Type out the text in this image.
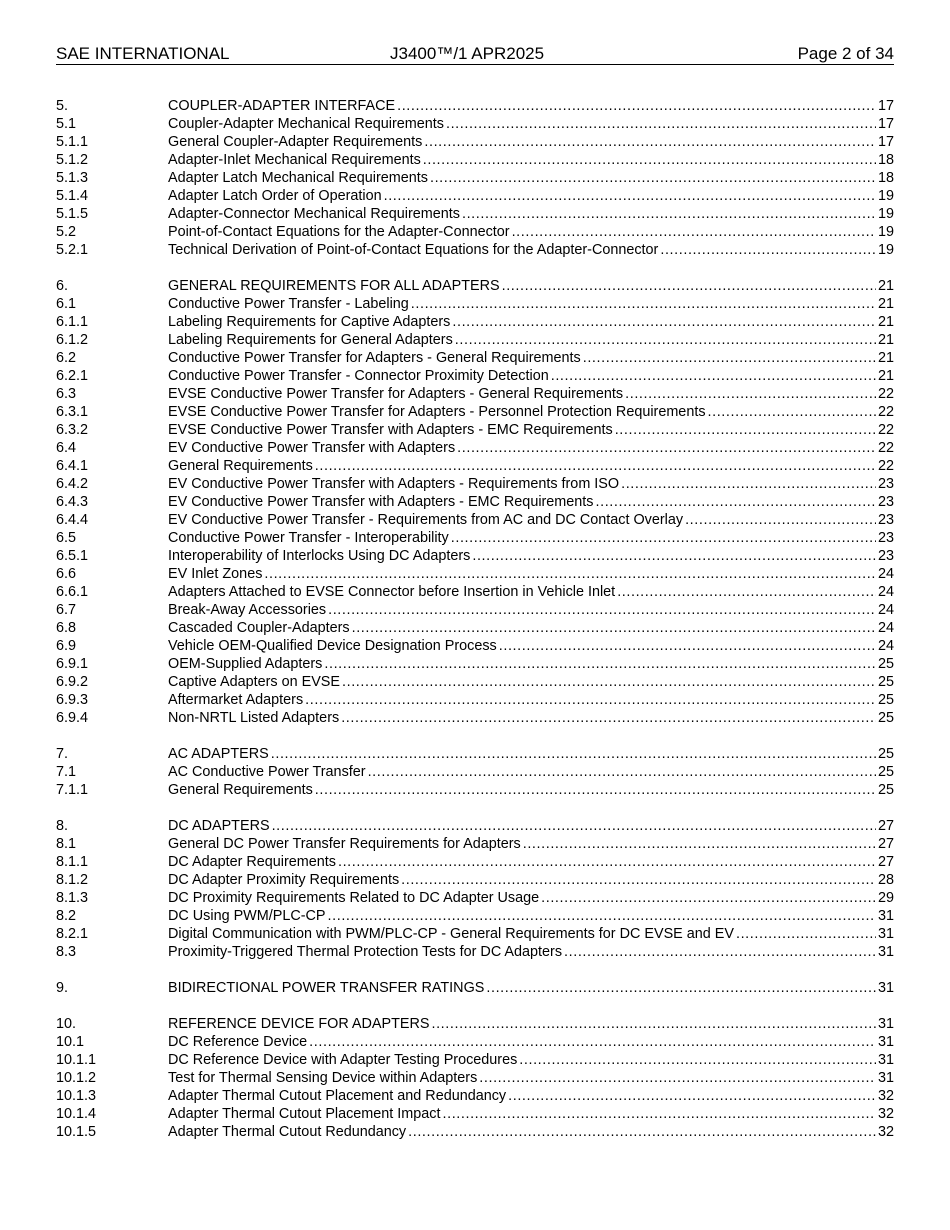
SAE INTERNATIONAL	J3400™/1 APR2025	Page 2 of 34
5.	COUPLER-ADAPTER INTERFACE .....	17
5.1	Coupler-Adapter Mechanical Requirements .....	17
5.1.1	General Coupler-Adapter Requirements .....	17
5.1.2	Adapter-Inlet Mechanical Requirements .....	18
5.1.3	Adapter Latch Mechanical Requirements .....	18
5.1.4	Adapter Latch Order of Operation .....	19
5.1.5	Adapter-Connector Mechanical Requirements .....	19
5.2	Point-of-Contact Equations for the Adapter-Connector .....	19
5.2.1	Technical Derivation of Point-of-Contact Equations for the Adapter-Connector .....	19
6.	GENERAL REQUIREMENTS FOR ALL ADAPTERS .....	21
6.1	Conductive Power Transfer - Labeling .....	21
6.1.1	Labeling Requirements for Captive Adapters .....	21
6.1.2	Labeling Requirements for General Adapters .....	21
6.2	Conductive Power Transfer for Adapters - General Requirements .....	21
6.2.1	Conductive Power Transfer - Connector Proximity Detection .....	21
6.3	EVSE Conductive Power Transfer for Adapters - General Requirements .....	22
6.3.1	EVSE Conductive Power Transfer for Adapters - Personnel Protection Requirements .....	22
6.3.2	EVSE Conductive Power Transfer with Adapters - EMC Requirements .....	22
6.4	EV Conductive Power Transfer with Adapters .....	22
6.4.1	General Requirements .....	22
6.4.2	EV Conductive Power Transfer with Adapters - Requirements from ISO .....	23
6.4.3	EV Conductive Power Transfer with Adapters - EMC Requirements .....	23
6.4.4	EV Conductive Power Transfer - Requirements from AC and DC Contact Overlay .....	23
6.5	Conductive Power Transfer - Interoperability .....	23
6.5.1	Interoperability of Interlocks Using DC Adapters .....	23
6.6	EV Inlet Zones .....	24
6.6.1	Adapters Attached to EVSE Connector before Insertion in Vehicle Inlet .....	24
6.7	Break-Away Accessories .....	24
6.8	Cascaded Coupler-Adapters .....	24
6.9	Vehicle OEM-Qualified Device Designation Process .....	24
6.9.1	OEM-Supplied Adapters .....	25
6.9.2	Captive Adapters on EVSE .....	25
6.9.3	Aftermarket Adapters .....	25
6.9.4	Non-NRTL Listed Adapters .....	25
7.	AC ADAPTERS .....	25
7.1	AC Conductive Power Transfer .....	25
7.1.1	General Requirements .....	25
8.	DC ADAPTERS .....	27
8.1	General DC Power Transfer Requirements for Adapters .....	27
8.1.1	DC Adapter Requirements .....	27
8.1.2	DC Adapter Proximity Requirements .....	28
8.1.3	DC Proximity Requirements Related to DC Adapter Usage .....	29
8.2	DC Using PWM/PLC-CP .....	31
8.2.1	Digital Communication with PWM/PLC-CP - General Requirements for DC EVSE and EV .....	31
8.3	Proximity-Triggered Thermal Protection Tests for DC Adapters .....	31
9.	BIDIRECTIONAL POWER TRANSFER RATINGS .....	31
10.	REFERENCE DEVICE FOR ADAPTERS .....	31
10.1	DC Reference Device .....	31
10.1.1	DC Reference Device with Adapter Testing Procedures .....	31
10.1.2	Test for Thermal Sensing Device within Adapters .....	31
10.1.3	Adapter Thermal Cutout Placement and Redundancy .....	32
10.1.4	Adapter Thermal Cutout Placement Impact .....	32
10.1.5	Adapter Thermal Cutout Redundancy .....	32
